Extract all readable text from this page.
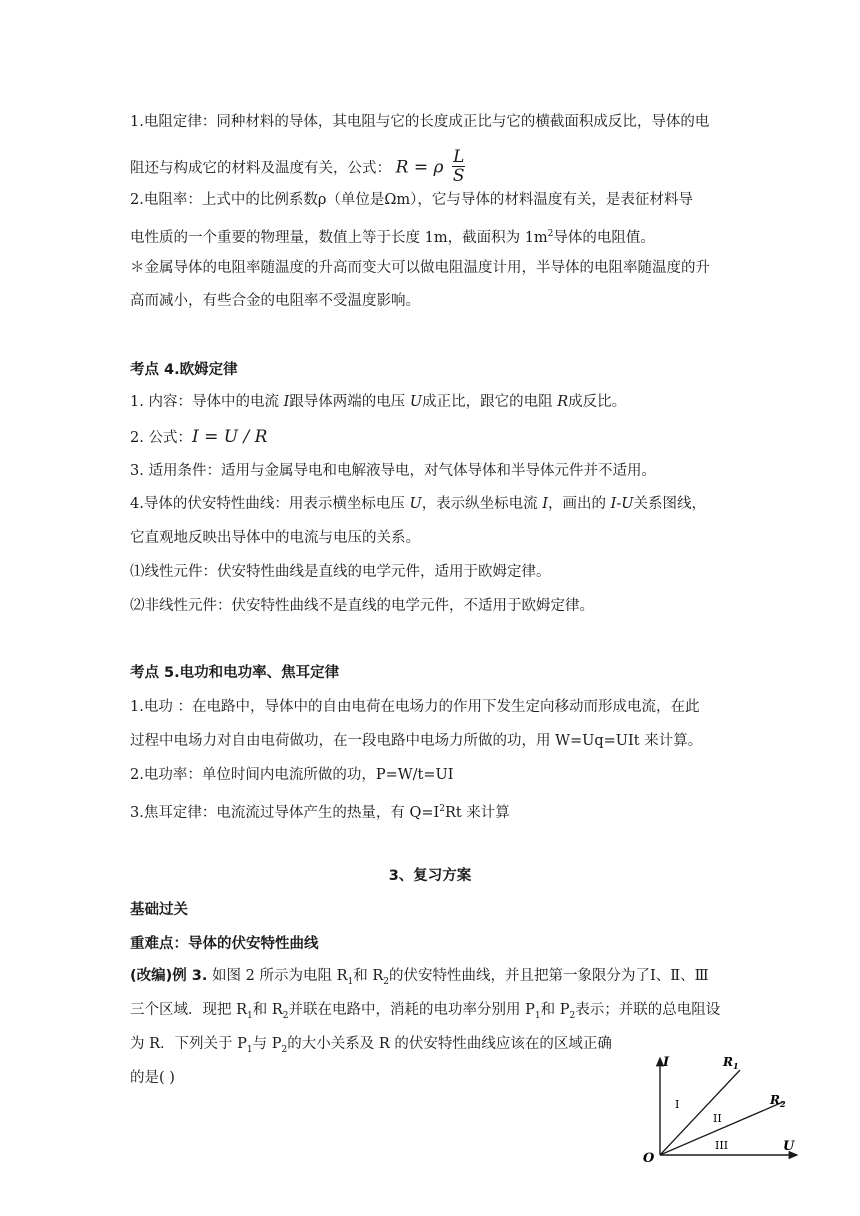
1.电阻定律：同种材料的导体，其电阻与它的长度成正比与它的横截面积成反比，导体的电
阻还与构成它的材料及温度有关，公式： R = ρ $\frac{L}{S}$
2.电阻率：上式中的比例系数ρ（单位是Ωm），它与导体的材料温度有关，是表征材料导
电性质的一个重要的物理量，数值上等于长度 1m，截面积为 $1m^2$导体的电阻值。
＊金属导体的电阻率随温度的升高而变大可以做电阻温度计用，半导体的电阻率随温度的升
高而减小，有些合金的电阻率不受温度影响。
考点 4.欧姆定律
1. 内容：导体中的电流 I跟导体两端的电压 U成正比，跟它的电阻 R成反比。
2. 公式：I = U / R
3. 适用条件：适用与金属导电和电解液导电，对气体导体和半导体元件并不适用。
4.导体的伏安特性曲线：用表示横坐标电压 U，表示纵坐标电流 I，画出的 I-U关系图线，
它直观地反映出导体中的电流与电压的关系。
⑴线性元件：伏安特性曲线是直线的电学元件，适用于欧姆定律。
⑵非线性元件：伏安特性曲线不是直线的电学元件，不适用于欧姆定律。
考点 5.电功和电功率、焦耳定律
1.电功 ：在电路中，导体中的自由电荷在电场力的作用下发生定向移动而形成电流，在此
过程中电场力对自由电荷做功，在一段电路中电场力所做的功，用 W=Uq=UIt 来计算。
2.电功率：单位时间内电流所做的功，P=W/t=UI
3.焦耳定律：电流流过导体产生的热量，有 $Q=I^2Rt$ 来计算
3、复习方案
基础过关
重难点：导体的伏安特性曲线
(改编)例 3. 如图 2 所示为电阻 $R_1$和 $R_2$的伏安特性曲线，并且把第一象限分为了Ⅰ、Ⅱ、Ⅲ
三个区域．现把 $R_1$和 $R_2$并联在电路中，消耗的电功率分别用 $P_1$和 $P_2$表示；并联的总电阻设
为 R．下列关于 $P_1$与 $P_2$的大小关系及 R 的伏安特性曲线应该在的区域正确
的是( )
I
U
O
$R_1$
$R_2$
I
II
III
